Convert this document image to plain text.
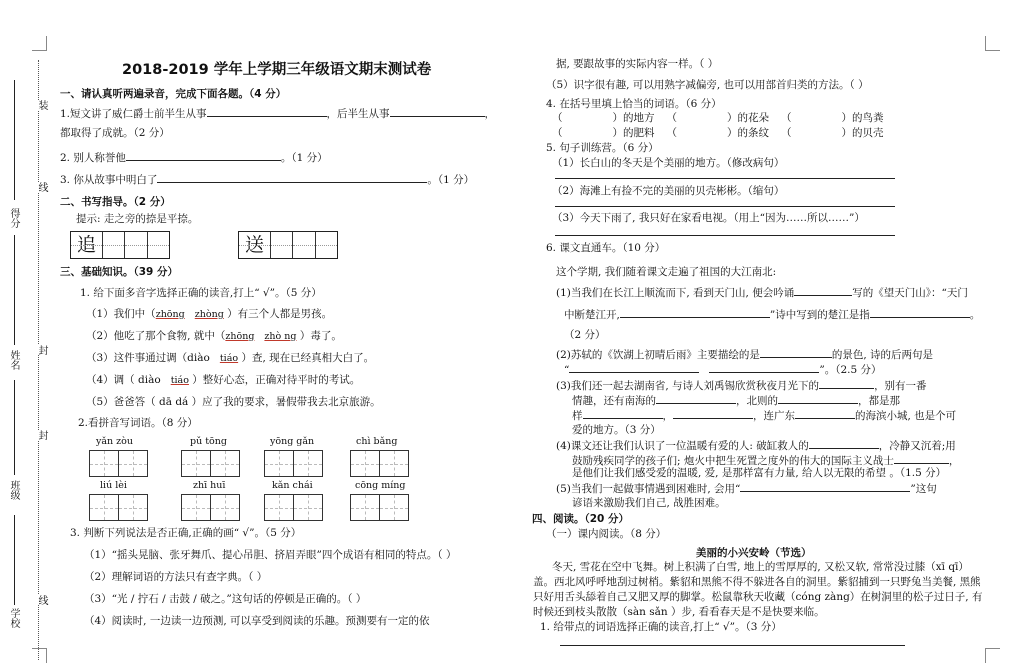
装
线
封
封
线
得分
姓名
班级
学校
2018-2019 学年上学期三年级语文期末测试卷
一、请认真听两遍录音，完成下面各题。（4 分）
1.短文讲了威仁爵士前半生从事	，后半生从事	，
都取得了成就。（2 分）
2. 别人称誉他	。（1 分）
3. 你从故事中明白了	。（1 分）
二、书写指导。（2 分）
提示: 走之旁的捺是平捺。
追	送
三、基础知识。（39 分）
1. 给下面多音字选择正确的读音,打上“ √”。（5 分）
（1）我们中（zhōng zhòng ）有三个人都是男孩。
（2）他吃了那个食物, 就中（zhōng zhò ng ）毒了。
（3）这件事通过调（diào tiáo ）查, 现在已经真相大白了。
（4）调（ diào tiáo ）整好心态，正确对待平时的考试。
（5）爸爸答（ dā dá ）应了我的要求，暑假带我去北京旅游。
2.看拼音写词语。（8 分）
yǎn zòu	pǔ tōng	yōng gǎn	chì bǎng
liú lèi	zhī huī	kǎn chái	cōng míng
3. 判断下列说法是否正确,正确的画“ √”。（5 分）
（1）“摇头晃脑、张牙舞爪、提心吊胆、挤眉弄眼”四个成语有相同的特点。（ ）
（2）理解词语的方法只有查字典。（ ）
（3）“光 / 拧石 / 击鼓 / 破之。”这句话的停顿是正确的。（ ）
（4）阅读时, 一边读一边预测, 可以享受到阅读的乐趣。预测要有一定的依
据, 要跟故事的实际内容一样。（ ）
（5）识字很有趣, 可以用熟字减偏旁, 也可以用部首归类的方法。（ ）
4. 在括号里填上恰当的词语。（6 分）
（	）的地方 （	）的花朵 （	）的鸟粪
（	）的肥料 （	）的条纹 （	）的贝壳
5. 句子训练营。（6 分）
（1）长白山的冬天是个美丽的地方。（修改病句）
（2）海滩上有捡不完的美丽的贝壳彬彬。（缩句）
（3）今天下雨了, 我只好在家看电视。（用上“因为……所以……”）
6. 课文直通车。（10 分）
这个学期, 我们随着课文走遍了祖国的大江南北:
(1)当我们在长江上顺流而下, 看到天门山, 便会吟诵	写的《望天门山》：“天门
中断楚江开,	”诗中写到的楚江是指	。
（2 分）
(2)苏轼的《饮湖上初晴后雨》主要描绘的是	的景色, 诗的后两句是
“	”。（2.5 分）
(3)我们还一起去湖南省, 与诗人刘禹锡欣赏秋夜月光下的	，别有一番
情趣，还有南海的	，北则的	，都是那
样	，	，连广东	的海滨小城, 也是个可
爱的地方。（3 分）
(4)课文还让我们认识了一位温暖有爱的人: 破缸救人的	，冷静又沉着;用
鼓励残疾同学的孩子们; 炮火中把生死置之度外的伟大的国际主义战士	，
是他们让我们感受爱的温暖, 爱, 是那样富有力量, 给人以无限的希望 。（1.5 分）
(5)当我们一起做事情遇到困难时, 会用“	”这句
谚语来激励我们自己, 战胜困难。
四、阅读。（20 分）
（一）课内阅读。（8 分）
美丽的小兴安岭（节选）
冬天, 雪花在空中飞舞。树上积满了白雪, 地上的雪厚厚的, 又松又软, 常常没过膝（xī qī）
盖。西北风呼呼地刮过树梢。紫貂和黑熊不得不躲进各自的洞里。紫貂捕到一只野兔当美餐, 黑熊
只好用舌头舔着自己又肥又厚的脚掌。松鼠靠秋天收藏（cóng zàng）在树洞里的松子过日子, 有
时候还到枝头散散（sàn sǎn ）步, 看看春天是不是快要来临。
1. 给带点的词语选择正确的读音,打上“ √”。（3 分）
